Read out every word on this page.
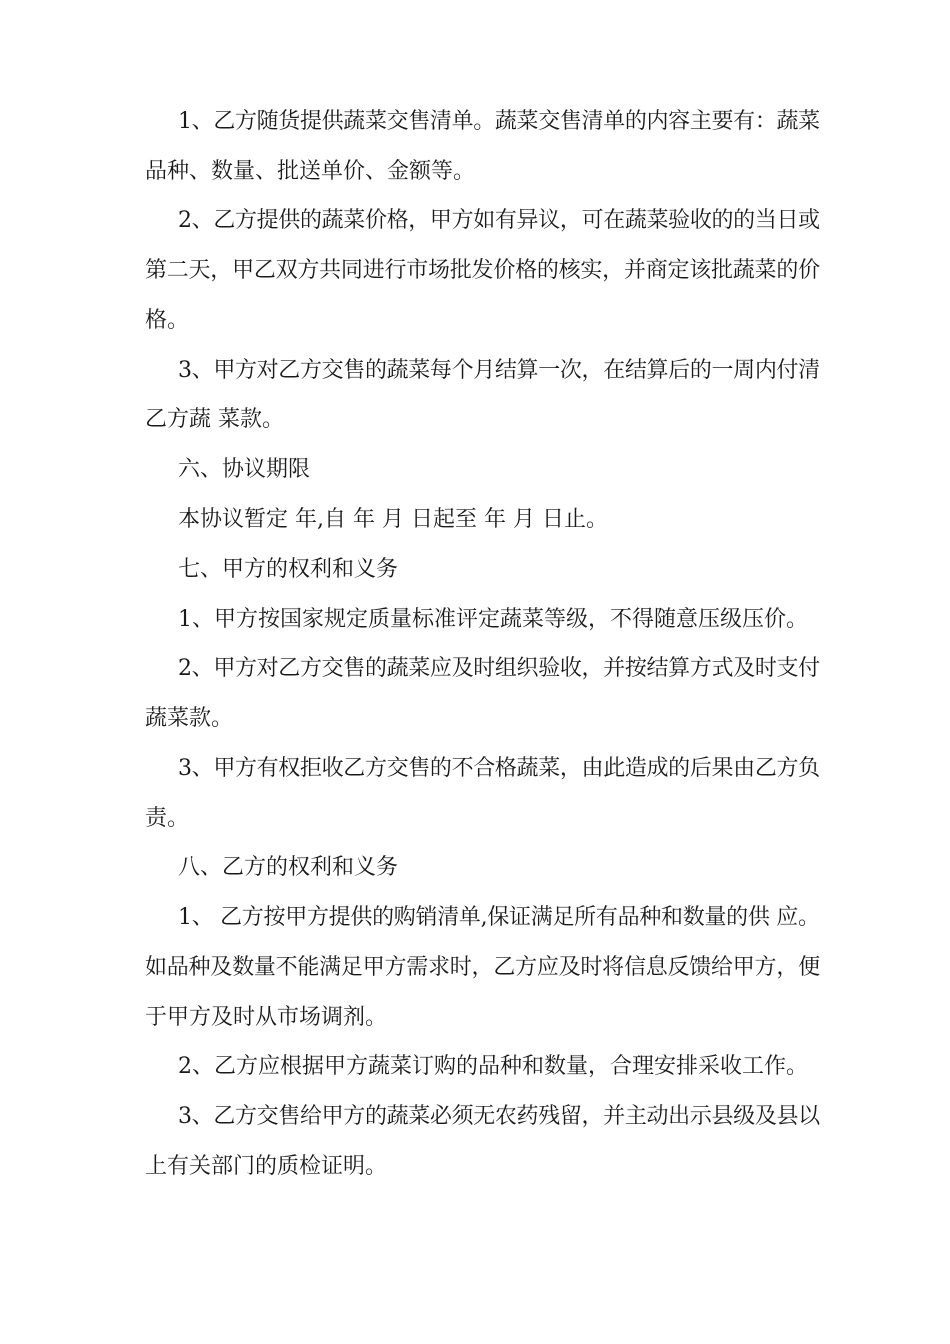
1、乙方随货提供蔬菜交售清单。蔬菜交售清单的内容主要有：蔬菜
品种、数量、批送单价、金额等。
2、乙方提供的蔬菜价格，甲方如有异议，可在蔬菜验收的的当日或
第二天，甲乙双方共同进行市场批发价格的核实，并商定该批蔬菜的价
格。
3、甲方对乙方交售的蔬菜每个月结算一次，在结算后的一周内付清
乙方蔬 菜款。
六、协议期限
本协议暂定 年,自 年 月 日起至 年 月 日止。
七、甲方的权利和义务
1、甲方按国家规定质量标准评定蔬菜等级，不得随意压级压价。
2、甲方对乙方交售的蔬菜应及时组织验收，并按结算方式及时支付
蔬菜款。
3、甲方有权拒收乙方交售的不合格蔬菜，由此造成的后果由乙方负
责。
八、乙方的权利和义务
1、 乙方按甲方提供的购销清单,保证满足所有品种和数量的供 应。
如品种及数量不能满足甲方需求时，乙方应及时将信息反馈给甲方，便
于甲方及时从市场调剂。
2、乙方应根据甲方蔬菜订购的品种和数量，合理安排采收工作。
3、乙方交售给甲方的蔬菜必须无农药残留，并主动出示县级及县以
上有关部门的质检证明。
